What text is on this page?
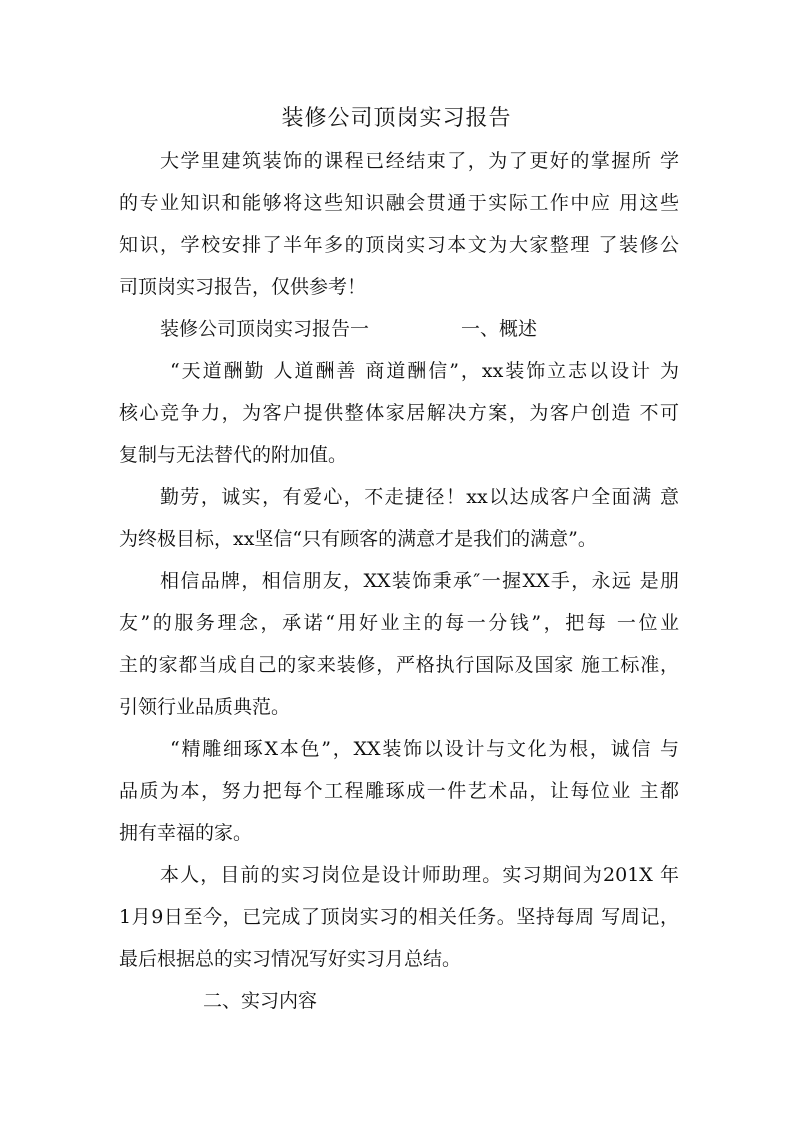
装修公司顶岗实习报告
大学里建筑装饰的课程已经结束了，为了更好的掌握所 学
的专业知识和能够将这些知识融会贯通于实际工作中应 用这些
知识，学校安排了半年多的顶岗实习本文为大家整理 了装修公
司顶岗实习报告，仅供参考！
装修公司顶岗实习报告一	一、概述
“天道酬勤 人道酬善 商道酬信”，xx装饰立志以设计 为
核心竞争力，为客户提供整体家居解决方案，为客户创造 不可
复制与无法替代的附加值。
勤劳，诚实，有爱心，不走捷径！xx以达成客户全面满 意
为终极目标，xx坚信“只有顾客的满意才是我们的满意”。
相信品牌，相信朋友，XX装饰秉承″一握XX手，永远 是朋
友”的服务理念，承诺“用好业主的每一分钱”，把每 一位业
主的家都当成自己的家来装修，严格执行国际及国家 施工标准，
引领行业品质典范。
“精雕细琢X本色”，XX装饰以设计与文化为根，诚信 与
品质为本，努力把每个工程雕琢成一件艺术品，让每位业 主都
拥有幸福的家。
本人，目前的实习岗位是设计师助理。实习期间为201X 年
1月9日至今，已完成了顶岗实习的相关任务。坚持每周 写周记，
最后根据总的实习情况写好实习月总结。
二、实习内容
